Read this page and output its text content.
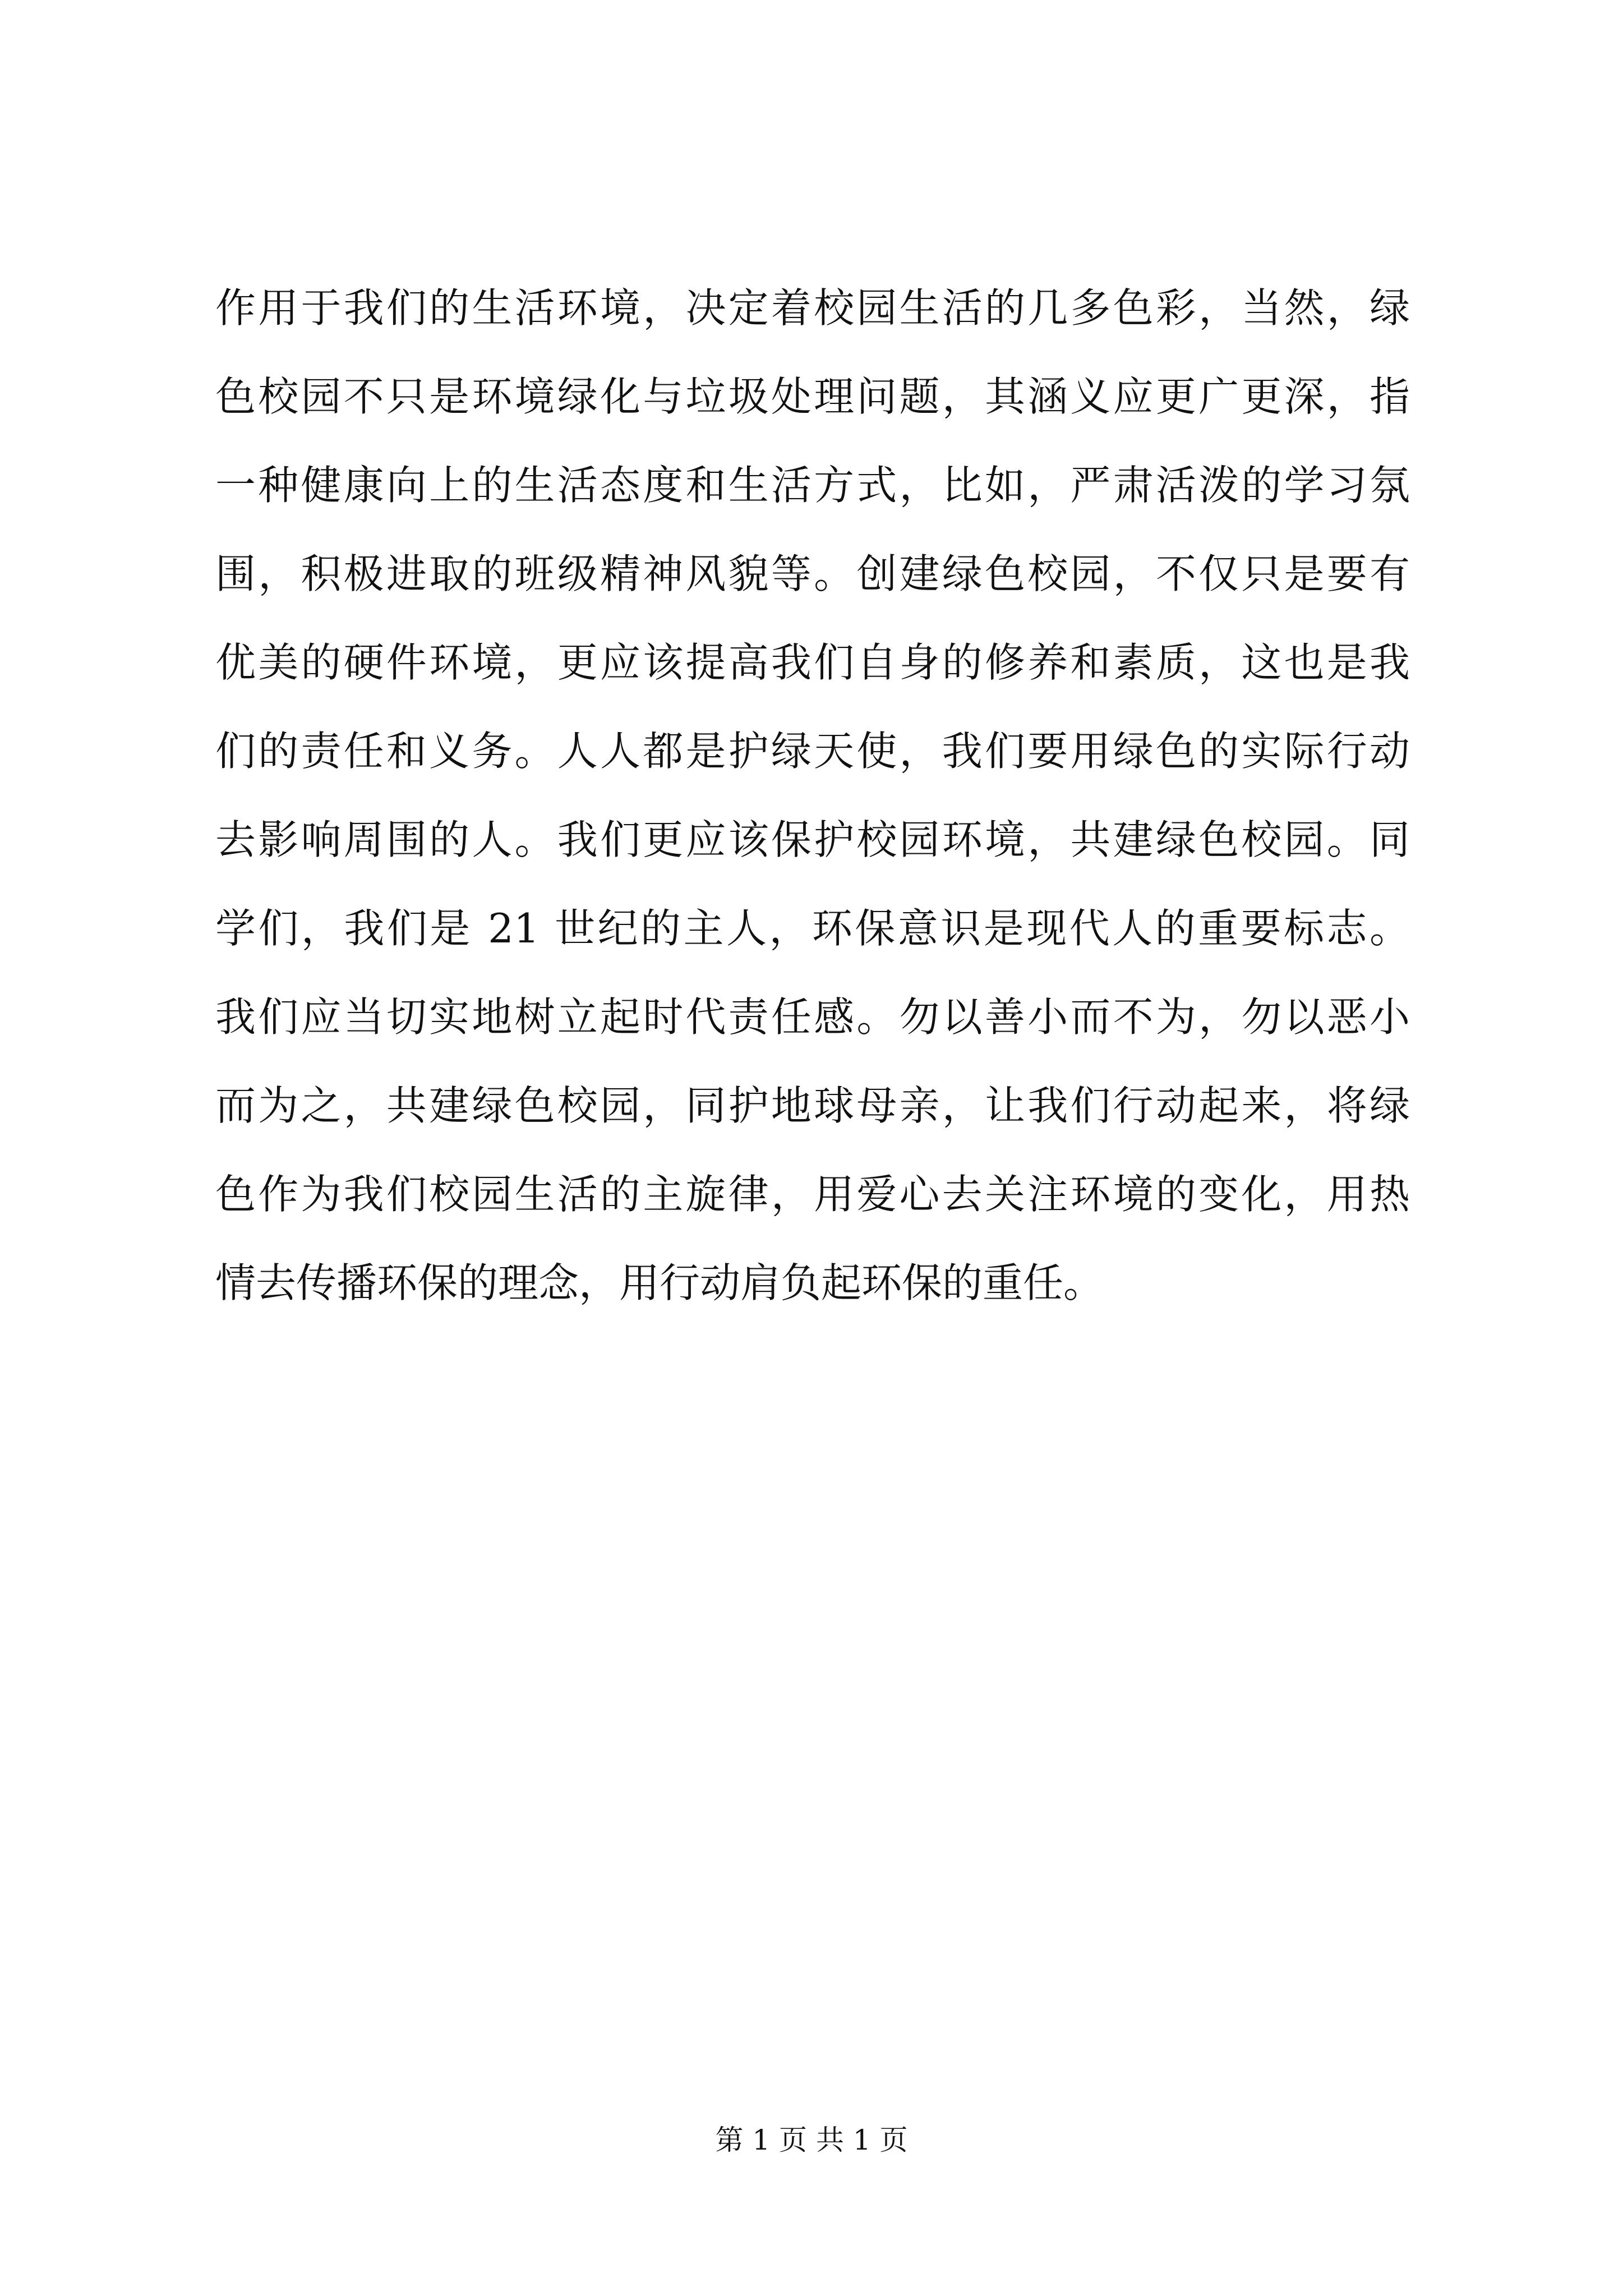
作用于我们的生活环境，决定着校园生活的几多色彩，当然，绿
色校园不只是环境绿化与垃圾处理问题，其涵义应更广更深，指
一种健康向上的生活态度和生活方式，比如，严肃活泼的学习氛
围，积极进取的班级精神风貌等。创建绿色校园，不仅只是要有
优美的硬件环境，更应该提高我们自身的修养和素质，这也是我
们的责任和义务。人人都是护绿天使，我们要用绿色的实际行动
去影响周围的人。我们更应该保护校园环境，共建绿色校园。同
学们，我们是 21 世纪的主人，环保意识是现代人的重要标志。
我们应当切实地树立起时代责任感。勿以善小而不为，勿以恶小
而为之，共建绿色校园，同护地球母亲，让我们行动起来，将绿
色作为我们校园生活的主旋律，用爱心去关注环境的变化，用热
情去传播环保的理念，用行动肩负起环保的重任。
第 1 页 共 1 页
